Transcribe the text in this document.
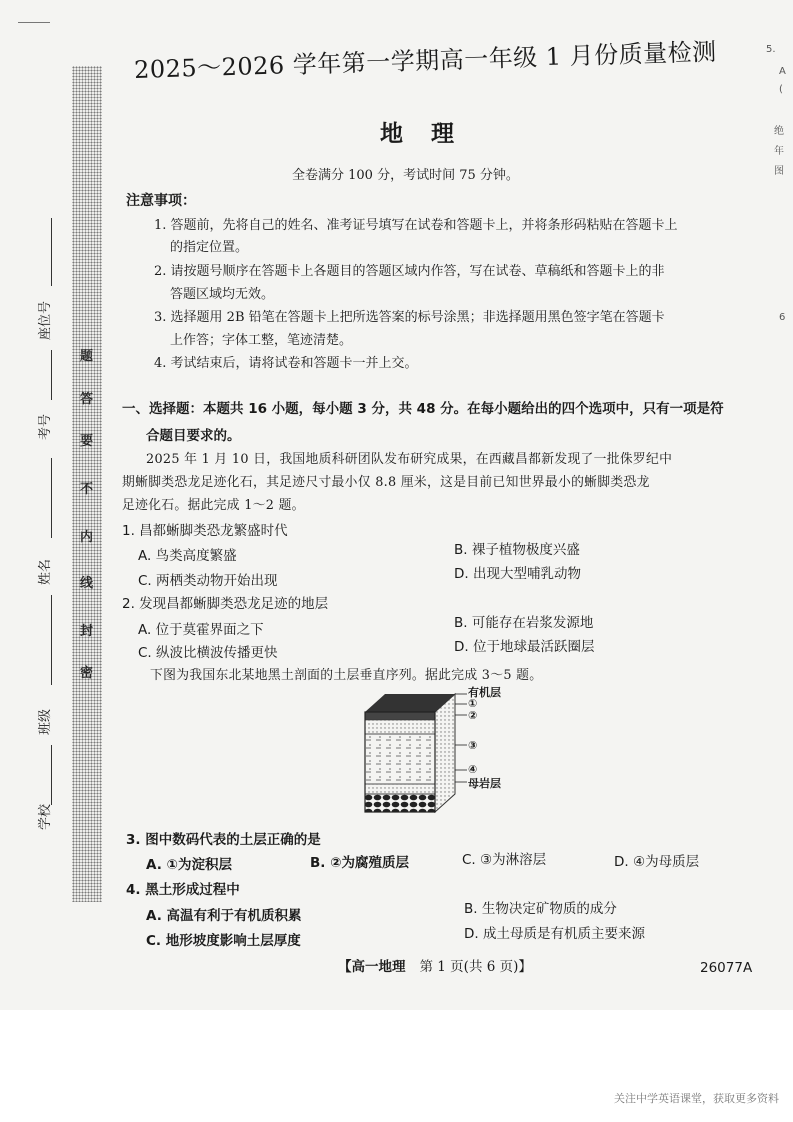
题
答
要
不
内
线
封
密
座位号
考号
姓名
班级
学校
2025～2026 学年第一学期高一年级 1 月份质量检测
地理
全卷满分 100 分，考试时间 75 分钟。
注意事项：
1. 答题前，先将自己的姓名、准考证号填写在试卷和答题卡上，并将条形码粘贴在答题卡上
的指定位置。
2. 请按题号顺序在答题卡上各题目的答题区域内作答，写在试卷、草稿纸和答题卡上的非
答题区域均无效。
3. 选择题用 2B 铅笔在答题卡上把所选答案的标号涂黑；非选择题用黑色签字笔在答题卡
上作答；字体工整，笔迹清楚。
4. 考试结束后，请将试卷和答题卡一并上交。
一、选择题：本题共 16 小题，每小题 3 分，共 48 分。在每小题给出的四个选项中，只有一项是符
合题目要求的。
2025 年 1 月 10 日，我国地质科研团队发布研究成果，在西藏昌都新发现了一批侏罗纪中
期蜥脚类恐龙足迹化石，其足迹尺寸最小仅 8.8 厘米，这是目前已知世界最小的蜥脚类恐龙
足迹化石。据此完成 1～2 题。
1. 昌都蜥脚类恐龙繁盛时代
A. 鸟类高度繁盛	B. 裸子植物极度兴盛
C. 两栖类动物开始出现	D. 出现大型哺乳动物
2. 发现昌都蜥脚类恐龙足迹的地层
A. 位于莫霍界面之下	B. 可能存在岩浆发源地
C. 纵波比横波传播更快	D. 位于地球最活跃圈层
下图为我国东北某地黑土剖面的土层垂直序列。据此完成 3～5 题。
有机层
①
②
③
④
母岩层
3. 图中数码代表的土层正确的是
A. ①为淀积层	B. ②为腐殖质层	C. ③为淋溶层	D. ④为母质层
4. 黑土形成过程中
A. 高温有利于有机质积累	B. 生物决定矿物质的成分
C. 地形坡度影响土层厚度	D. 成土母质是有机质主要来源
【高一地理 第 1 页(共 6 页)】	26077A
5.
A
(
绝
年
图
6
关注中学英语课堂，获取更多资料
